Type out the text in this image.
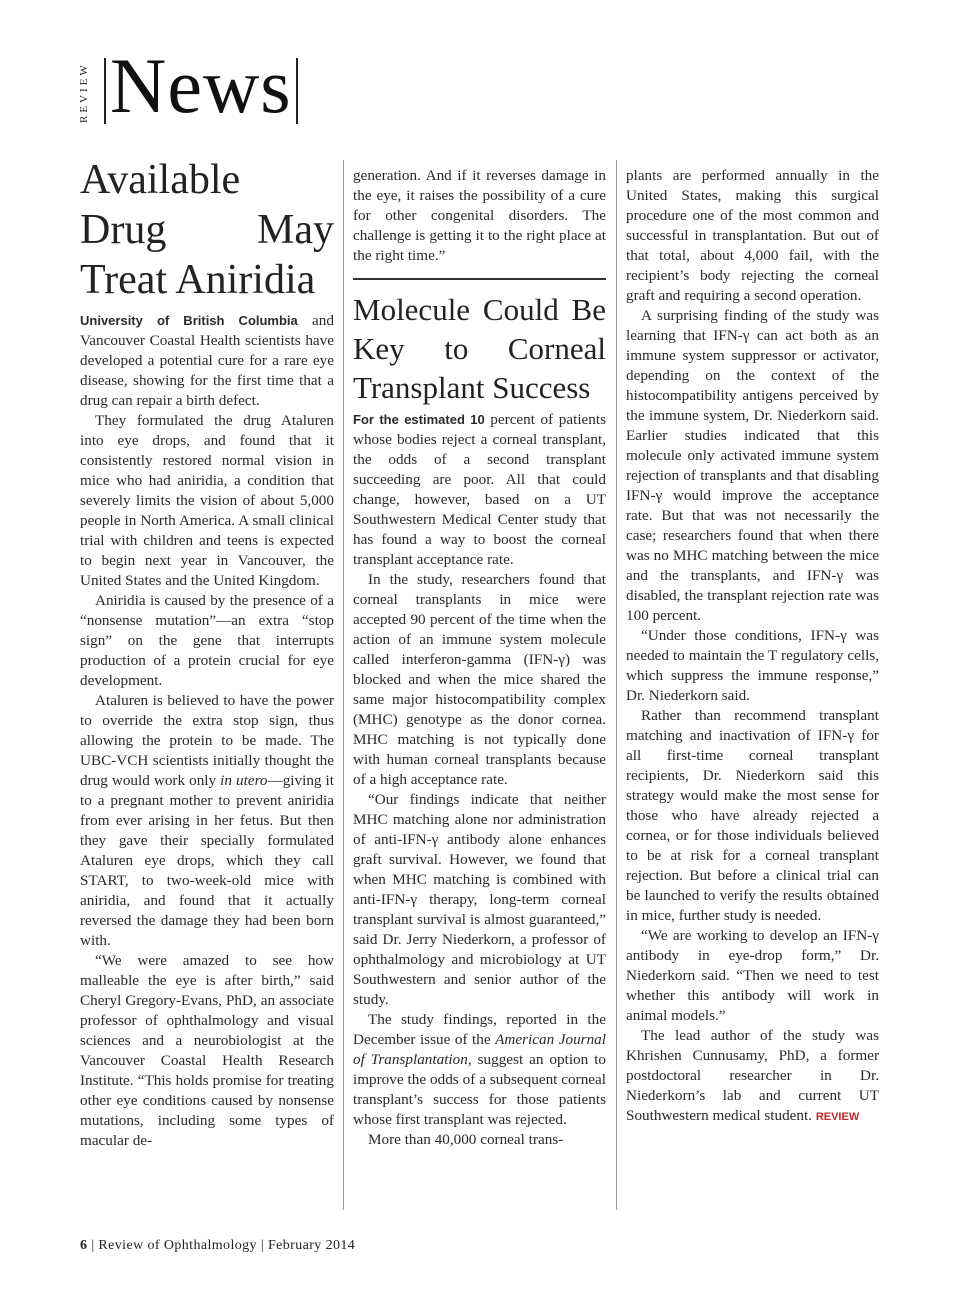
REVIEW News
Available Drug May Treat Aniridia

University of British Columbia and Vancouver Coastal Health scientists have developed a potential cure for a rare eye disease, showing for the first time that a drug can repair a birth defect.

They formulated the drug Ataluren into eye drops, and found that it consistently restored normal vision in mice who had aniridia, a condition that severely limits the vision of about 5,000 people in North America. A small clinical trial with children and teens is expected to begin next year in Vancouver, the United States and the United Kingdom.

Aniridia is caused by the presence of a “nonsense mutation”—an extra “stop sign” on the gene that interrupts production of a protein crucial for eye development.

Ataluren is believed to have the power to override the extra stop sign, thus allowing the protein to be made. The UBC-VCH scientists initially thought the drug would work only in utero—giving it to a pregnant mother to prevent aniridia from ever arising in her fetus. But then they gave their specially formulated Ataluren eye drops, which they call START, to two-week-old mice with aniridia, and found that it actually reversed the damage they had been born with.

“We were amazed to see how malleable the eye is after birth,” said Cheryl Gregory-Evans, PhD, an associate professor of ophthalmology and visual sciences and a neurobiologist at the Vancouver Coastal Health Research Institute. “This holds promise for treating other eye conditions caused by nonsense mutations, including some types of macular de-

generation. And if it reverses damage in the eye, it raises the possibility of a cure for other congenital disorders. The challenge is getting it to the right place at the right time.”

Molecule Could Be Key to Corneal Transplant Success

For the estimated 10 percent of patients whose bodies reject a corneal transplant, the odds of a second transplant succeeding are poor. All that could change, however, based on a UT Southwestern Medical Center study that has found a way to boost the corneal transplant acceptance rate.

In the study, researchers found that corneal transplants in mice were accepted 90 percent of the time when the action of an immune system molecule called interferon-gamma (IFN-γ) was blocked and when the mice shared the same major histocompatibility complex (MHC) genotype as the donor cornea. MHC matching is not typically done with human corneal transplants because of a high acceptance rate.

“Our findings indicate that neither MHC matching alone nor administration of anti-IFN-γ antibody alone enhances graft survival. However, we found that when MHC matching is combined with anti-IFN-γ therapy, long-term corneal transplant survival is almost guaranteed,” said Dr. Jerry Niederkorn, a professor of ophthalmology and microbiology at UT Southwestern and senior author of the study.

The study findings, reported in the December issue of the American Journal of Transplantation, suggest an option to improve the odds of a subsequent corneal transplant’s success for those patients whose first transplant was rejected.

More than 40,000 corneal trans-

plants are performed annually in the United States, making this surgical procedure one of the most common and successful in transplantation. But out of that total, about 4,000 fail, with the recipient’s body rejecting the corneal graft and requiring a second operation.

A surprising finding of the study was learning that IFN-γ can act both as an immune system suppressor or activator, depending on the context of the histocompatibility antigens perceived by the immune system, Dr. Niederkorn said. Earlier studies indicated that this molecule only activated immune system rejection of transplants and that disabling IFN-γ would improve the acceptance rate. But that was not necessarily the case; researchers found that when there was no MHC matching between the mice and the transplants, and IFN-γ was disabled, the transplant rejection rate was 100 percent.

“Under those conditions, IFN-γ was needed to maintain the T regulatory cells, which suppress the immune response,” Dr. Niederkorn said.

Rather than recommend transplant matching and inactivation of IFN-γ for all first-time corneal transplant recipients, Dr. Niederkorn said this strategy would make the most sense for those who have already rejected a cornea, or for those individuals believed to be at risk for a corneal transplant rejection. But before a clinical trial can be launched to verify the results obtained in mice, further study is needed.

“We are working to develop an IFN-γ antibody in eye-drop form,” Dr. Niederkorn said. “Then we need to test whether this antibody will work in animal models.”

The lead author of the study was Khrishen Cunnusamy, PhD, a former postdoctoral researcher in Dr. Niederkorn’s lab and current UT Southwestern medical student. REVIEW

6 | Review of Ophthalmology | February 2014
